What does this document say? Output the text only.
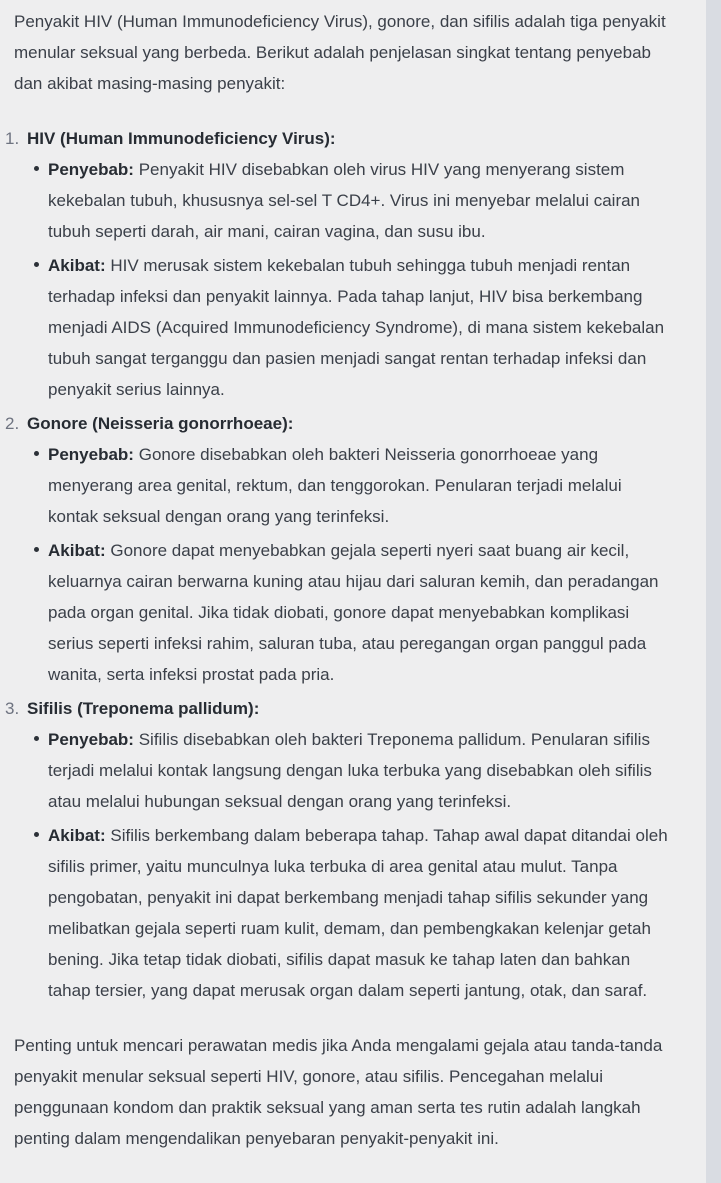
Penyakit HIV (Human Immunodeficiency Virus), gonore, dan sifilis adalah tiga penyakit menular seksual yang berbeda. Berikut adalah penjelasan singkat tentang penyebab dan akibat masing-masing penyakit:

1. HIV (Human Immunodeficiency Virus):
Penyebab: Penyakit HIV disebabkan oleh virus HIV yang menyerang sistem kekebalan tubuh, khususnya sel-sel T CD4+. Virus ini menyebar melalui cairan tubuh seperti darah, air mani, cairan vagina, dan susu ibu.
Akibat: HIV merusak sistem kekebalan tubuh sehingga tubuh menjadi rentan terhadap infeksi dan penyakit lainnya. Pada tahap lanjut, HIV bisa berkembang menjadi AIDS (Acquired Immunodeficiency Syndrome), di mana sistem kekebalan tubuh sangat terganggu dan pasien menjadi sangat rentan terhadap infeksi dan penyakit serius lainnya.
2. Gonore (Neisseria gonorrhoeae):
Penyebab: Gonore disebabkan oleh bakteri Neisseria gonorrhoeae yang menyerang area genital, rektum, dan tenggorokan. Penularan terjadi melalui kontak seksual dengan orang yang terinfeksi.
Akibat: Gonore dapat menyebabkan gejala seperti nyeri saat buang air kecil, keluarnya cairan berwarna kuning atau hijau dari saluran kemih, dan peradangan pada organ genital. Jika tidak diobati, gonore dapat menyebabkan komplikasi serius seperti infeksi rahim, saluran tuba, atau peregangan organ panggul pada wanita, serta infeksi prostat pada pria.
3. Sifilis (Treponema pallidum):
Penyebab: Sifilis disebabkan oleh bakteri Treponema pallidum. Penularan sifilis terjadi melalui kontak langsung dengan luka terbuka yang disebabkan oleh sifilis atau melalui hubungan seksual dengan orang yang terinfeksi.
Akibat: Sifilis berkembang dalam beberapa tahap. Tahap awal dapat ditandai oleh sifilis primer, yaitu munculnya luka terbuka di area genital atau mulut. Tanpa pengobatan, penyakit ini dapat berkembang menjadi tahap sifilis sekunder yang melibatkan gejala seperti ruam kulit, demam, dan pembengkakan kelenjar getah bening. Jika tetap tidak diobati, sifilis dapat masuk ke tahap laten dan bahkan tahap tersier, yang dapat merusak organ dalam seperti jantung, otak, dan saraf.

Penting untuk mencari perawatan medis jika Anda mengalami gejala atau tanda-tanda penyakit menular seksual seperti HIV, gonore, atau sifilis. Pencegahan melalui penggunaan kondom dan praktik seksual yang aman serta tes rutin adalah langkah penting dalam mengendalikan penyebaran penyakit-penyakit ini.
